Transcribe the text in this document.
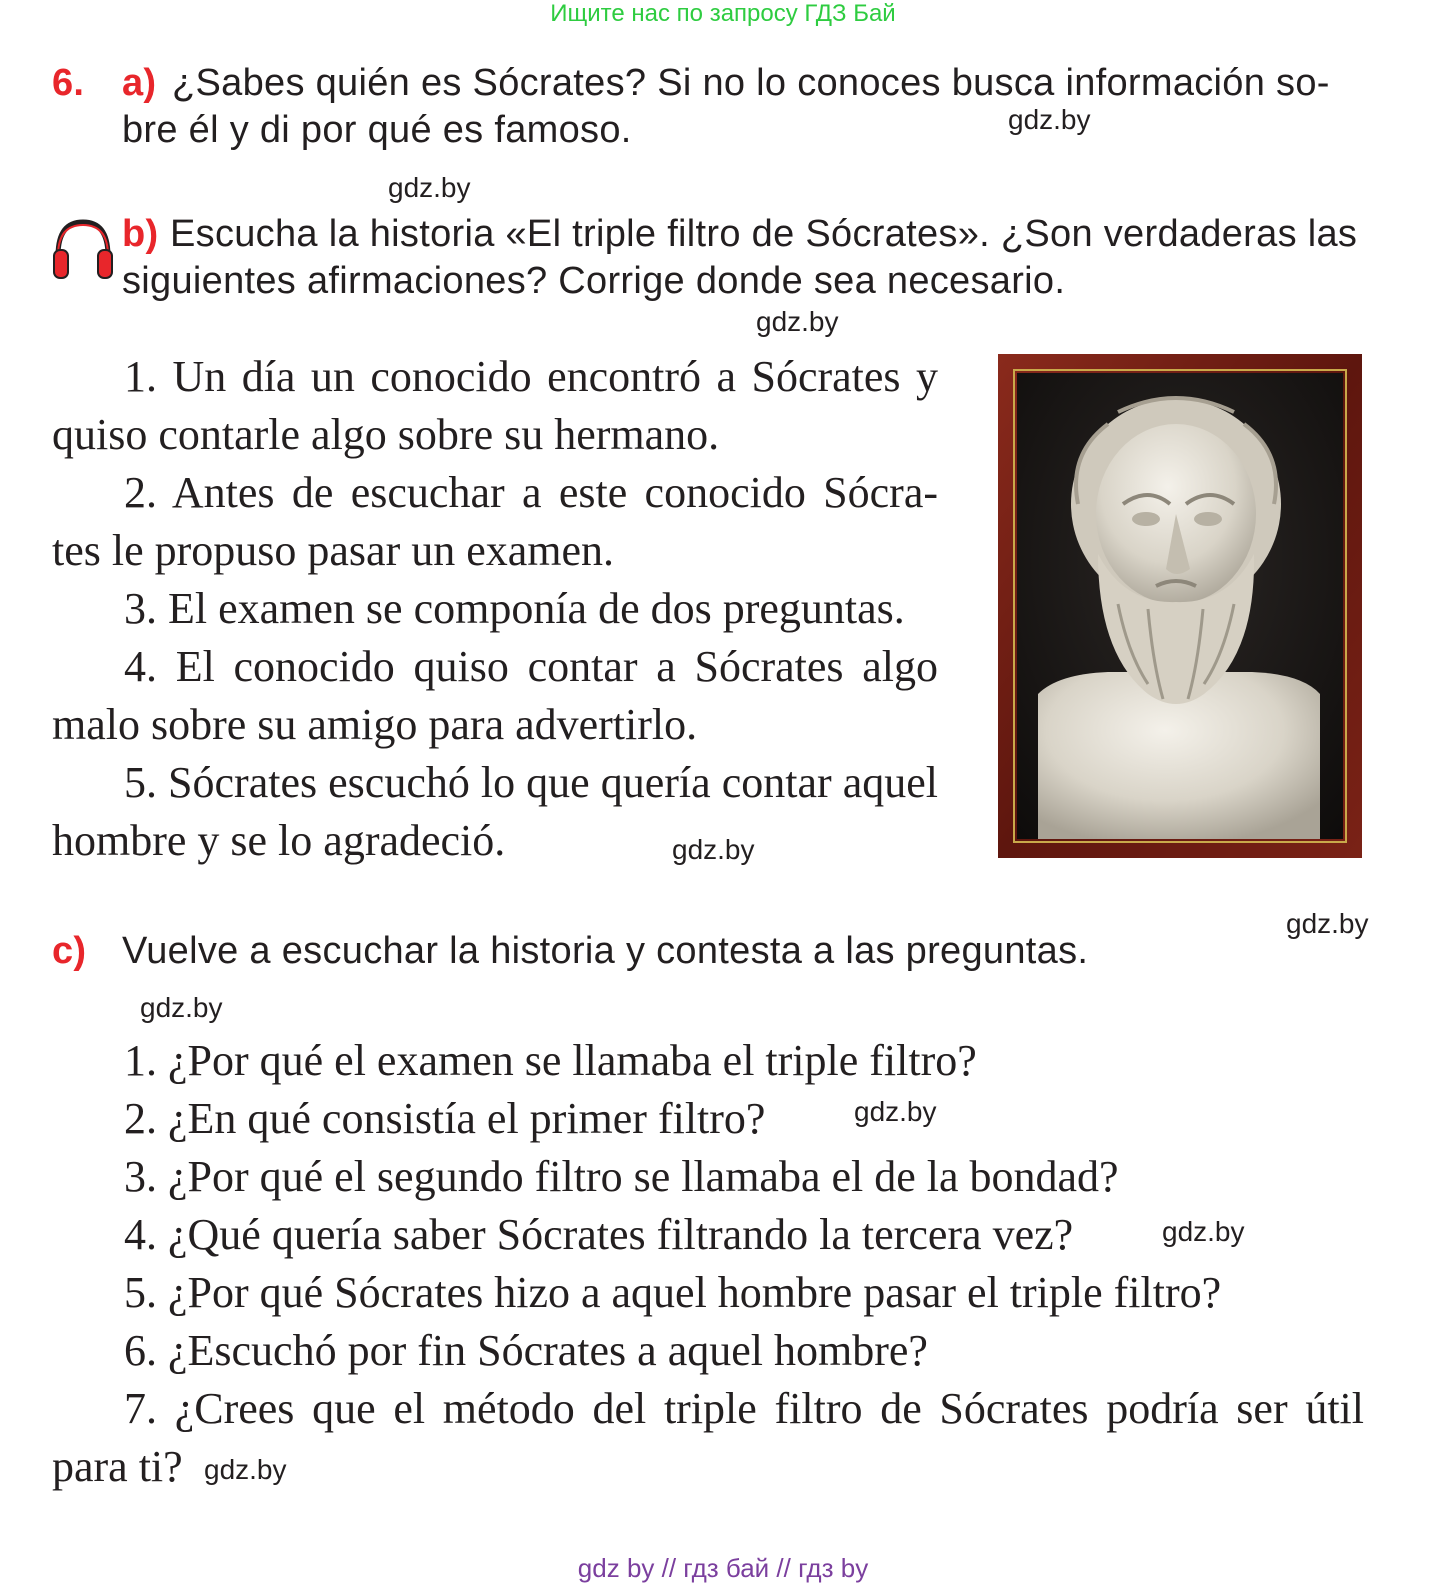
Ищите нас по запросу ГДЗ Бай
6. a) ¿Sabes quién es Sócrates? Si no lo conoces busca información so-
bre él y di por qué es famoso.	gdz.by
gdz.by
b) Escucha la historia «El triple filtro de Sócrates». ¿Son verdaderas las
siguientes afirmaciones? Corrige donde sea necesario.
gdz.by
1. Un día un conocido encontró a Sócrates y quiso contarle algo sobre su hermano.
2. Antes de escuchar a este conocido Sócra-tes le propuso pasar un examen.
3. El examen se componía de dos preguntas.
4. El conocido quiso contar a Sócrates algo malo sobre su amigo para advertirlo.
5. Sócrates escuchó lo que quería contar aquel hombre y se lo agradeció.	gdz.by
gdz.by
c) Vuelve a escuchar la historia y contesta a las preguntas.
gdz.by
1. ¿Por qué el examen se llamaba el triple filtro?
2. ¿En qué consistía el primer filtro?
3. ¿Por qué el segundo filtro se llamaba el de la bondad?
4. ¿Qué quería saber Sócrates filtrando la tercera vez?
5. ¿Por qué Sócrates hizo a aquel hombre pasar el triple filtro?
6. ¿Escuchó por fin Sócrates a aquel hombre?
7. ¿Crees que el método del triple filtro de Sócrates podría ser útil para ti?
gdz.by
gdz.by
gdz.by
gdz by // гдз бай // гдз by
